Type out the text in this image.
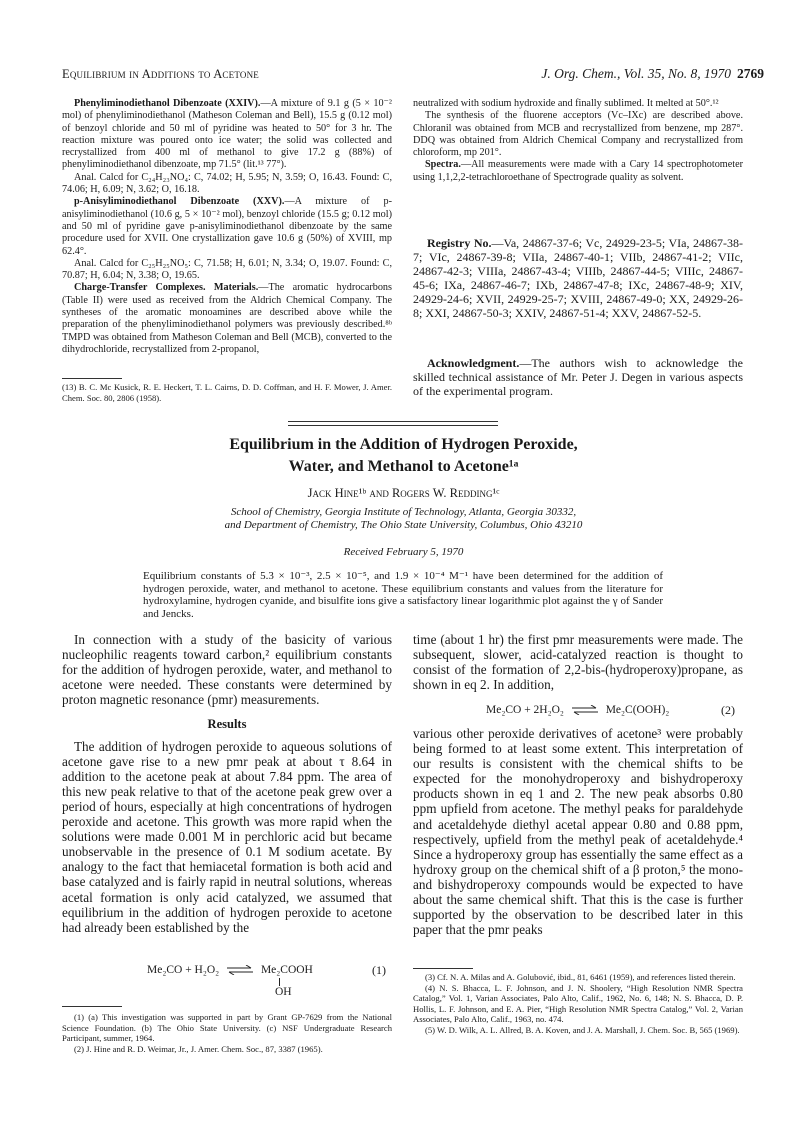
Equilibrium in Additions to Acetone	J. Org. Chem., Vol. 35, No. 8, 1970 2769

Phenyliminodiethanol Dibenzoate (XXIV).—A mixture of 9.1 g (5 × 10⁻² mol) of phenyliminodiethanol (Matheson Coleman and Bell), 15.5 g (0.12 mol) of benzoyl chloride and 50 ml of pyridine was heated to 50° for 3 hr. The reaction mixture was poured onto ice water; the solid was collected and recrystallized from 400 ml of methanol to give 17.2 g (88%) of phenyliminodiethanol dibenzoate, mp 71.5° (lit.¹³ 77°).

Anal. Calcd for C₂₄H₂₃NO₄: C, 74.02; H, 5.95; N, 3.59; O, 16.43. Found: C, 74.06; H, 6.09; N, 3.62; O, 16.18.

p-Anisyliminodiethanol Dibenzoate (XXV).—A mixture of p-anisyliminodiethanol (10.6 g, 5 × 10⁻² mol), benzoyl chloride (15.5 g; 0.12 mol) and 50 ml of pyridine gave p-anisyliminodiethanol dibenzoate by the same procedure used for XVII. One crystallization gave 10.6 g (50%) of XVIII, mp 62.4°.

Anal. Calcd for C₂₅H₂₅NO₅: C, 71.58; H, 6.01; N, 3.34; O, 19.07. Found: C, 70.87; H, 6.04; N, 3.38; O, 19.65.

Charge-Transfer Complexes. Materials.—The aromatic hydrocarbons (Table II) were used as received from the Aldrich Chemical Company. The syntheses of the aromatic monoamines are described above while the preparation of the phenyliminodiethanol polymers was previously described.⁸ᵇ TMPD was obtained from Matheson Coleman and Bell (MCB), converted to the dihydrochloride, recrystallized from 2-propanol,

(13) B. C. Mc Kusick, R. E. Heckert, T. L. Cairns, D. D. Coffman, and H. F. Mower, J. Amer. Chem. Soc. 80, 2806 (1958).

neutralized with sodium hydroxide and finally sublimed. It melted at 50°.¹²

The synthesis of the fluorene acceptors (Vc–IXc) are described above. Chloranil was obtained from MCB and recrystallized from benzene, mp 287°. DDQ was obtained from Aldrich Chemical Company and recrystallized from chloroform, mp 201°.

Spectra.—All measurements were made with a Cary 14 spectrophotometer using 1,1,2,2-tetrachloroethane of Spectrograde quality as solvent.

Registry No.—Va, 24867-37-6; Vc, 24929-23-5; VIa, 24867-38-7; VIc, 24867-39-8; VIIa, 24867-40-1; VIIb, 24867-41-2; VIIc, 24867-42-3; VIIIa, 24867-43-4; VIIIb, 24867-44-5; VIIIc, 24867-45-6; IXa, 24867-46-7; IXb, 24867-47-8; IXc, 24867-48-9; XIV, 24929-24-6; XVII, 24929-25-7; XVIII, 24867-49-0; XX, 24929-26-8; XXI, 24867-50-3; XXIV, 24867-51-4; XXV, 24867-52-5.
Acknowledgment.—The authors wish to acknowledge the skilled technical assistance of Mr. Peter J. Degen in various aspects of the experimental program.
Equilibrium in the Addition of Hydrogen Peroxide,
Water, and Methanol to Acetone¹ᵃ
Jack Hine¹ᵇ and Rogers W. Redding¹ᶜ
School of Chemistry, Georgia Institute of Technology, Atlanta, Georgia 30332,
and Department of Chemistry, The Ohio State University, Columbus, Ohio 43210
Received February 5, 1970
Equilibrium constants of 5.3 × 10⁻³, 2.5 × 10⁻⁵, and 1.9 × 10⁻⁴ M⁻¹ have been determined for the addition of hydrogen peroxide, water, and methanol to acetone. These equilibrium constants and values from the literature for hydroxylamine, hydrogen cyanide, and bisulfite ions give a satisfactory linear logarithmic plot against the γ of Sander and Jencks.

In connection with a study of the basicity of various nucleophilic reagents toward carbon,² equilibrium constants for the addition of hydrogen peroxide, water, and methanol to acetone were needed. These constants were determined by proton magnetic resonance (pmr) measurements.

Results

The addition of hydrogen peroxide to aqueous solutions of acetone gave rise to a new pmr peak at about τ 8.64 in addition to the acetone peak at about 7.84 ppm. The area of this new peak relative to that of the acetone peak grew over a period of hours, especially at high concentrations of hydrogen peroxide and acetone. This growth was more rapid when the solutions were made 0.001 M in perchloric acid but became unobservable in the presence of 0.1 M sodium acetate. By analogy to the fact that hemiacetal formation is both acid and base catalyzed and is fairly rapid in neutral solutions, whereas acetal formation is only acid catalyzed, we assumed that equilibrium in the addition of hydrogen peroxide to acetone had already been established by the

Me₂CO + H₂O₂ ⇌ Me₂COOH
OH
(1)

(1) (a) This investigation was supported in part by Grant GP-7629 from the National Science Foundation. (b) The Ohio State University. (c) NSF Undergraduate Research Participant, summer, 1964.

(2) J. Hine and R. D. Weimar, Jr., J. Amer. Chem. Soc., 87, 3387 (1965).

time (about 1 hr) the first pmr measurements were made. The subsequent, slower, acid-catalyzed reaction is thought to consist of the formation of 2,2-bis-(hydroperoxy)propane, as shown in eq 2. In addition,

Me₂CO + 2H₂O₂ ⇌ Me₂C(OOH)₂	(2)

various other peroxide derivatives of acetone³ were probably being formed to at least some extent. This interpretation of our results is consistent with the chemical shifts to be expected for the monohydroperoxy and bishydroperoxy products shown in eq 1 and 2. The new peak absorbs 0.80 ppm upfield from acetone. The methyl peaks for paraldehyde and acetaldehyde diethyl acetal appear 0.80 and 0.88 ppm, respectively, upfield from the methyl peak of acetaldehyde.⁴ Since a hydroperoxy group has essentially the same effect as a hydroxy group on the chemical shift of a β proton,⁵ the mono- and bishydroperoxy compounds would be expected to have about the same chemical shift. That this is the case is further supported by the observation to be described later in this paper that the pmr peaks

(3) Cf. N. A. Milas and A. Golubović, ibid., 81, 6461 (1959), and references listed therein.

(4) N. S. Bhacca, L. F. Johnson, and J. N. Shoolery, “High Resolution NMR Spectra Catalog,” Vol. 1, Varian Associates, Palo Alto, Calif., 1962, No. 6, 148; N. S. Bhacca, D. P. Hollis, L. F. Johnson, and E. A. Pier, “High Resolution NMR Spectra Catalog,” Vol. 2, Varian Associates, Palo Alto, Calif., 1963, no. 474.

(5) W. D. Wilk, A. L. Allred, B. A. Koven, and J. A. Marshall, J. Chem. Soc. B, 565 (1969).
